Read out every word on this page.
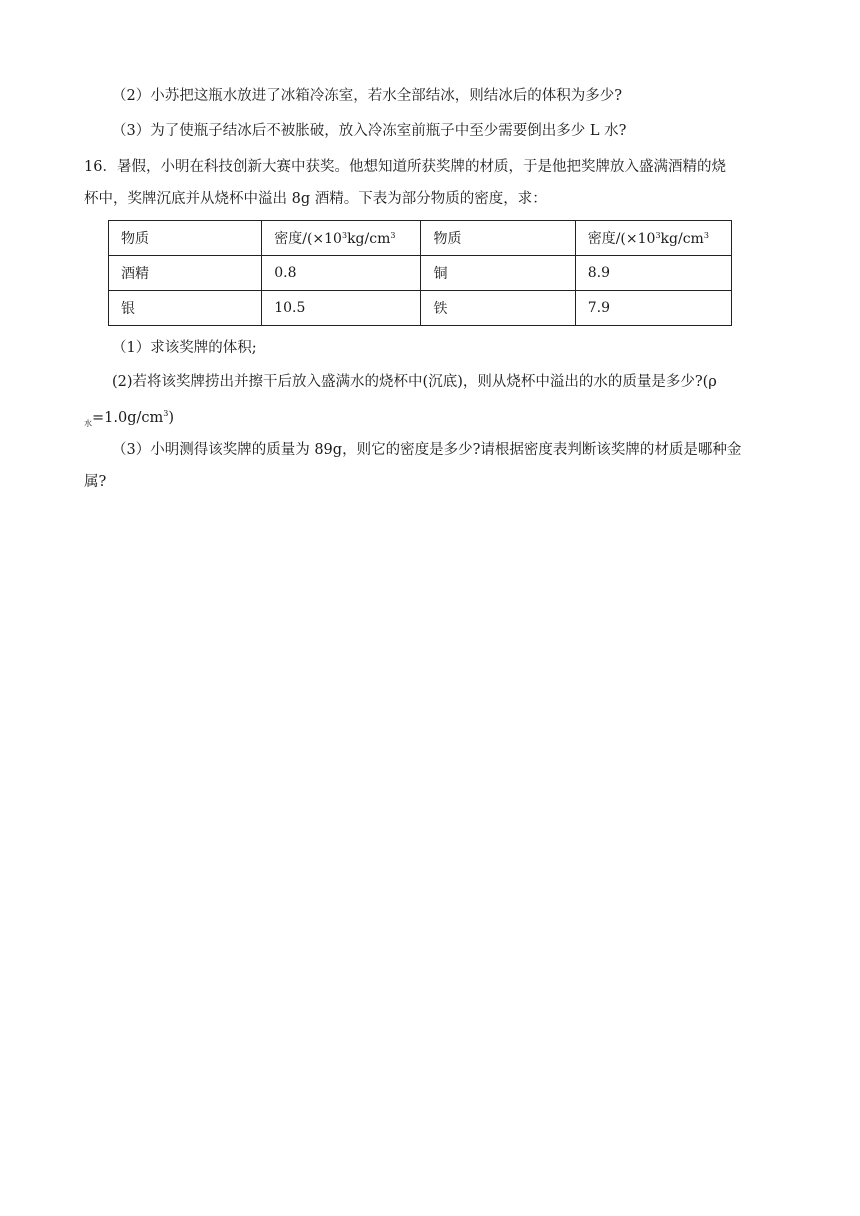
（2）小苏把这瓶水放进了冰箱冷冻室，若水全部结冰，则结冰后的体积为多少?
（3）为了使瓶子结冰后不被胀破，放入冷冻室前瓶子中至少需要倒出多少 L 水?
16．暑假，小明在科技创新大赛中获奖。他想知道所获奖牌的材质，于是他把奖牌放入盛满酒精的烧
杯中，奖牌沉底并从烧杯中溢出 8g 酒精。下表为部分物质的密度，求：
物质	密度$/(\times 10^3kg/cm^3$	物质	密度$/(\times 10^3kg/cm^3$
酒精	0.8	铜	8.9
银	10.5	铁	7.9
（1）求该奖牌的体积;
(2)若将该奖牌捞出并擦干后放入盛满水的烧杯中(沉底)，则从烧杯中溢出的水的质量是多少?(ρ
$_水=1.0g/cm^3$)
（3）小明测得该奖牌的质量为 89g，则它的密度是多少?请根据密度表判断该奖牌的材质是哪种金
属?
